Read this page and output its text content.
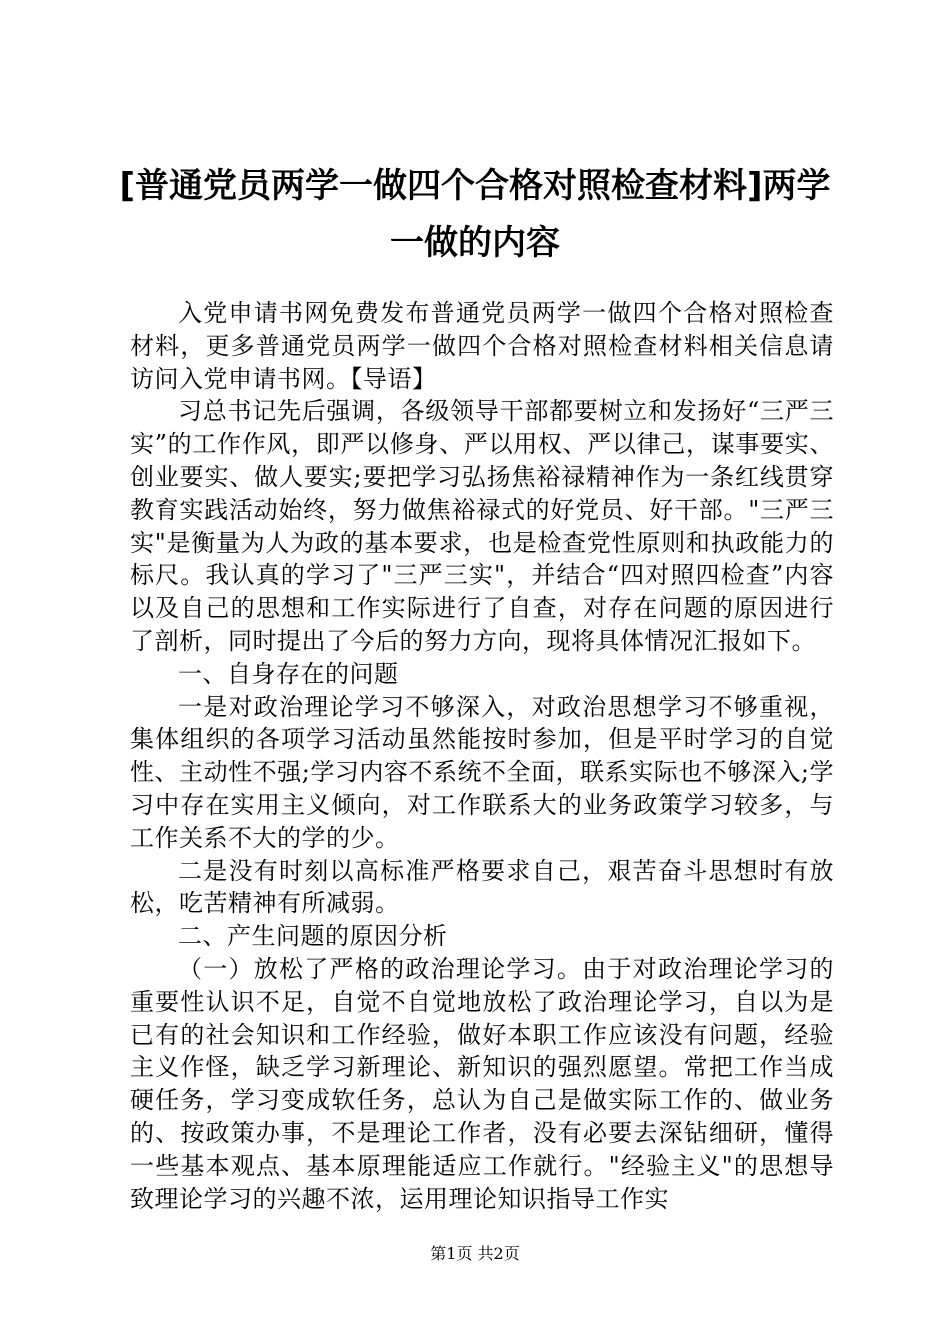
[普通党员两学一做四个合格对照检查材料]两学一做的内容

入党申请书网免费发布普通党员两学一做四个合格对照检查材料，更多普通党员两学一做四个合格对照检查材料相关信息请访问入党申请书网。【导语】

习总书记先后强调，各级领导干部都要树立和发扬好“三严三实”的工作作风，即严以修身、严以用权、严以律己，谋事要实、创业要实、做人要实;要把学习弘扬焦裕禄精神作为一条红线贯穿教育实践活动始终，努力做焦裕禄式的好党员、好干部。"三严三实"是衡量为人为政的基本要求，也是检查党性原则和执政能力的标尺。我认真的学习了"三严三实"，并结合“四对照四检查”内容以及自己的思想和工作实际进行了自查，对存在问题的原因进行了剖析，同时提出了今后的努力方向，现将具体情况汇报如下。

一、自身存在的问题

一是对政治理论学习不够深入，对政治思想学习不够重视，集体组织的各项学习活动虽然能按时参加，但是平时学习的自觉性、主动性不强;学习内容不系统不全面，联系实际也不够深入;学习中存在实用主义倾向，对工作联系大的业务政策学习较多，与工作关系不大的学的少。

二是没有时刻以高标准严格要求自己，艰苦奋斗思想时有放松，吃苦精神有所减弱。

二、产生问题的原因分析

（一）放松了严格的政治理论学习。由于对政治理论学习的重要性认识不足，自觉不自觉地放松了政治理论学习，自以为是已有的社会知识和工作经验，做好本职工作应该没有问题，经验主义作怪，缺乏学习新理论、新知识的强烈愿望。常把工作当成硬任务，学习变成软任务，总认为自己是做实际工作的、做业务的、按政策办事，不是理论工作者，没有必要去深钻细研，懂得一些基本观点、基本原理能适应工作就行。"经验主义"的思想导致理论学习的兴趣不浓，运用理论知识指导工作实

第1页 共2页
